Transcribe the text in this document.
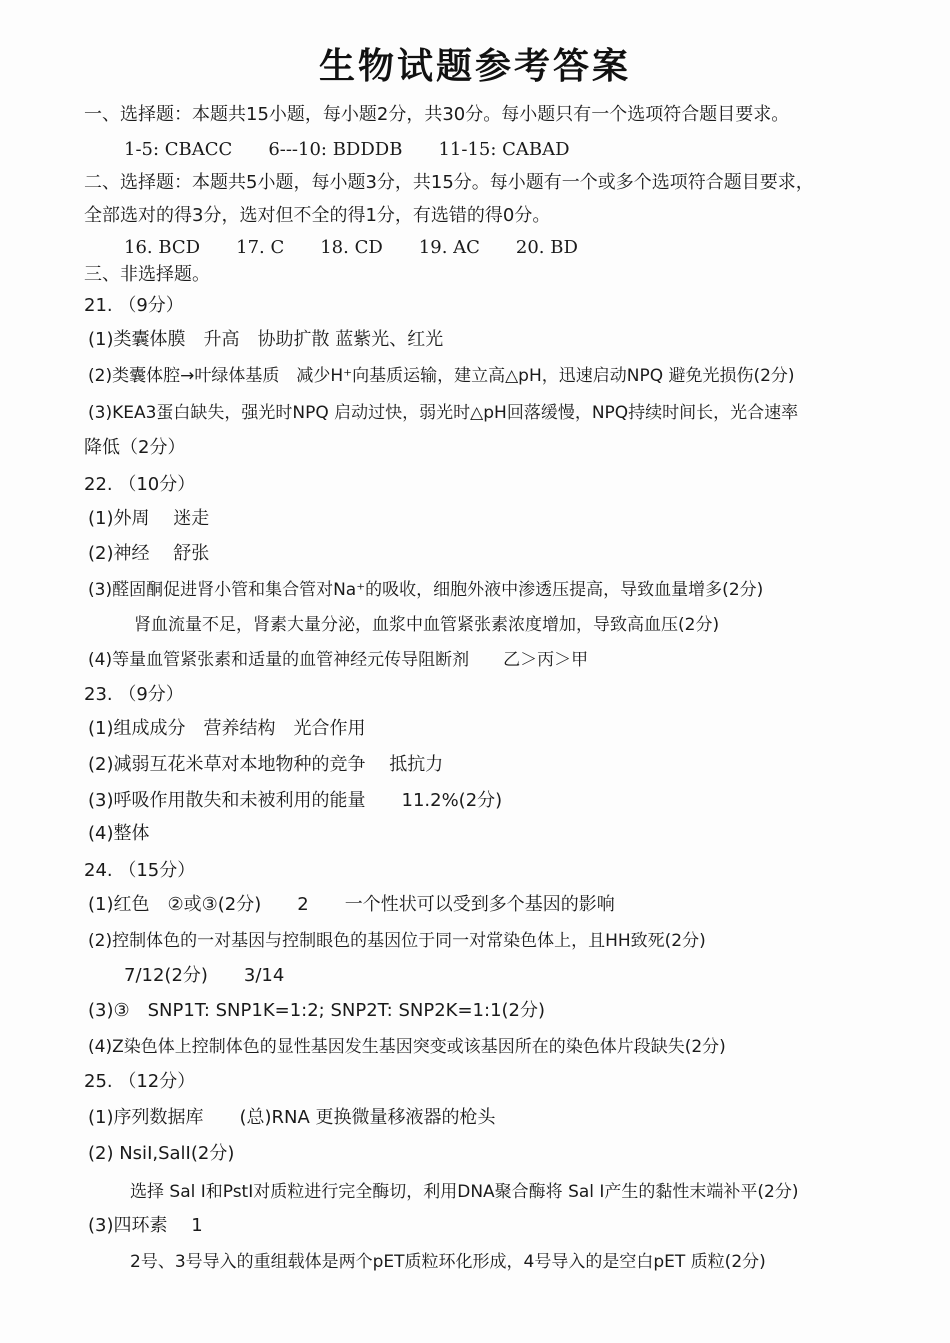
生物试题参考答案
一、选择题：本题共15小题，每小题2分，共30分。每小题只有一个选项符合题目要求。
1-5: CBACC　　6---10: BDDDB　　11-15: CABAD
二、选择题：本题共5小题，每小题3分，共15分。每小题有一个或多个选项符合题目要求，
全部选对的得3分，选对但不全的得1分，有选错的得0分。
16. BCD　　17. C　　18. CD　　19. AC　　20. BD
三、非选择题。
21. （9分）
(1)类囊体膜　升高　协助扩散 蓝紫光、红光
(2)类囊体腔→叶绿体基质　减少H⁺向基质运输，建立高△pH，迅速启动NPQ 避免光损伤(2分)
(3)KEA3蛋白缺失，强光时NPQ 启动过快，弱光时△pH回落缓慢，NPQ持续时间长，光合速率
降低（2分）
22. （10分）
(1)外周　 迷走
(2)神经　 舒张
(3)醛固酮促进肾小管和集合管对Na⁺的吸收，细胞外液中渗透压提高，导致血量增多(2分)
肾血流量不足，肾素大量分泌，血浆中血管紧张素浓度增加，导致高血压(2分)
(4)等量血管紧张素和适量的血管神经元传导阻断剂　　乙＞丙＞甲
23. （9分）
(1)组成成分　营养结构　光合作用
(2)减弱互花米草对本地物种的竞争　 抵抗力
(3)呼吸作用散失和未被利用的能量　　11.2%(2分)
(4)整体
24. （15分）
(1)红色　②或③(2分)　　2　　一个性状可以受到多个基因的影响
(2)控制体色的一对基因与控制眼色的基因位于同一对常染色体上，且HH致死(2分)
7/12(2分)　　3/14
(3)③　SNP1T: SNP1K=1:2; SNP2T: SNP2K=1:1(2分)
(4)Z染色体上控制体色的显性基因发生基因突变或该基因所在的染色体片段缺失(2分)
25. （12分）
(1)序列数据库　　(总)RNA 更换微量移液器的枪头
(2) NsiI,SalI(2分)
选择 Sal I和PstI对质粒进行完全酶切，利用DNA聚合酶将 Sal I产生的黏性末端补平(2分)
(3)四环素　 1
2号、3号导入的重组载体是两个pET质粒环化形成，4号导入的是空白pET 质粒(2分)
